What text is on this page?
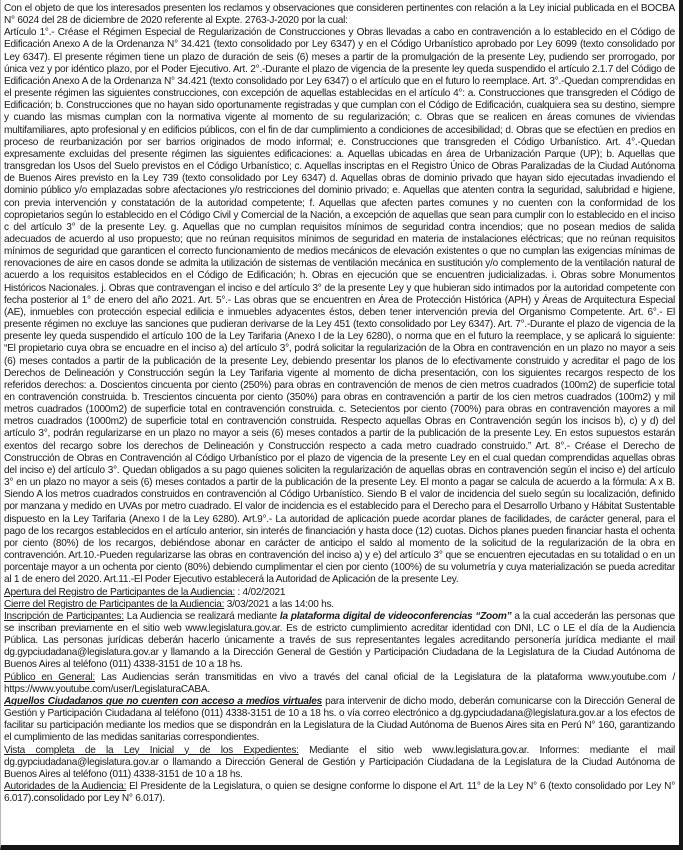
Con el objeto de que los interesados presenten los reclamos y observaciones que consideren pertinentes con relación a la Ley inicial publicada en el BOCBA N° 6024 del 28 de diciembre de 2020 referente al Expte. 2763-J-2020 por la cual:

Artículo 1°.- Créase el Régimen Especial de Regularización de Construcciones y Obras llevadas a cabo en contravención a lo establecido en el Código de Edificación Anexo A de la Ordenanza N° 34.421 (texto consolidado por Ley 6347) y en el Código Urbanístico aprobado por Ley 6099 (texto consolidado por Ley 6347). El presente régimen tiene un plazo de duración de seis (6) meses a partir de la promulgación de la presente Ley, pudiendo ser prorrogado, por única vez y por idéntico plazo, por el Poder Ejecutivo. Art. 2°.-Durante el plazo de vigencia de la presente ley queda suspendido el artículo 2.1.7 del Código de Edificación Anexo A de la Ordenanza N° 34.421 (texto consolidado por Ley 6347) o el artículo que en el futuro lo reemplace. Art. 3°.-Quedan comprendidas en el presente régimen las siguientes construcciones, con excepción de aquellas establecidas en el artículo 4°: a. Construcciones que transgreden el Código de Edificación; b. Construcciones que no hayan sido oportunamente registradas y que cumplan con el Código de Edificación, cualquiera sea su destino, siempre y cuando las mismas cumplan con la normativa vigente al momento de su regularización; c. Obras que se realicen en áreas comunes de viviendas multifamiliares, apto profesional y en edificios públicos, con el fin de dar cumplimiento a condiciones de accesibilidad; d. Obras que se efectúen en predios en proceso de reurbanización por ser barrios originados de modo informal; e. Construcciones que transgreden el Código Urbanístico. Art. 4°.-Quedan expresamente excluidas del presente régimen las siguientes edificaciones: a. Aquellas ubicadas en área de Urbanización Parque (UP); b. Aquellas que transgredan los Usos del Suelo previstos en el Código Urbanístico; c. Aquellas inscriptas en el Registro Único de Obras Paralizadas de la Ciudad Autónoma de Buenos Aires previsto en la Ley 739 (texto consolidado por Ley 6347) d. Aquellas obras de dominio privado que hayan sido ejecutadas invadiendo el dominio público y/o emplazadas sobre afectaciones y/o restricciones del dominio privado; e. Aquellas que atenten contra la seguridad, salubridad e higiene, con previa intervención y constatación de la autoridad competente; f. Aquellas que afecten partes comunes y no cuenten con la conformidad de los copropietarios según lo establecido en el Código Civil y Comercial de la Nación, a excepción de aquellas que sean para cumplir con lo establecido en el inciso c del artículo 3° de la presente Ley. g. Aquellas que no cumplan requisitos mínimos de seguridad contra incendios; que no posean medios de salida adecuados de acuerdo al uso propuesto; que no reúnan requisitos mínimos de seguridad en materia de instalaciones eléctricas; que no reúnan requisitos mínimos de seguridad que garanticen el correcto funcionamiento de medios mecánicos de elevación existentes o que no cumplan las exigencias mínimas de renovaciones de aire en casos donde se admita la utilización de sistemas de ventilación mecánica en sustitución y/o complemento de la ventilación natural de acuerdo a los requisitos establecidos en el Código de Edificación; h. Obras en ejecución que se encuentren judicializadas. i. Obras sobre Monumentos Históricos Nacionales. j. Obras que contravengan el inciso e del artículo 3° de la presente Ley y que hubieran sido intimados por la autoridad competente con fecha posterior al 1° de enero del año 2021. Art. 5°.- Las obras que se encuentren en Área de Protección Histórica (APH) y Áreas de Arquitectura Especial (AE), inmuebles con protección especial edilicia e inmuebles adyacentes éstos, deben tener intervención previa del Organismo Competente. Art. 6°.- El presente régimen no excluye las sanciones que pudieran derivarse de la Ley 451 (texto consolidado por Ley 6347). Art. 7°.-Durante el plazo de vigencia de la presente ley queda suspendido el artículo 100 de la Ley Tarifaria (Anexo I de la Ley 6280), o norma que en el futuro la reemplace, y se aplicará lo siguiente: “El propietario cuya obra se encuadre en el inciso a) del artículo 3°, podrá solicitar la regularización de la Obra en contravención en un plazo no mayor a seis (6) meses contados a partir de la publicación de la presente Ley, debiendo presentar los planos de lo efectivamente construido y acreditar el pago de los Derechos de Delineación y Construcción según la Ley Tarifaria vigente al momento de dicha presentación, con los siguientes recargos respecto de los referidos derechos: a. Doscientos cincuenta por ciento (250%) para obras en contravención de menos de cien metros cuadrados (100m2) de superficie total en contravención construida. b. Trescientos cincuenta por ciento (350%) para obras en contravención a partir de los cien metros cuadrados (100m2) y mil metros cuadrados (1000m2) de superficie total en contravención construida. c. Setecientos por ciento (700%) para obras en contravención mayores a mil metros cuadrados (1000m2) de superficie total en contravención construida. Respecto aquellas Obras en Contravención según los incisos b), c) y d) del artículo 3°, podrán regularizarse en un plazo no mayor a seis (6) meses contados a partir de la publicación de la presente Ley. En estos supuestos estarán exentos del recargo sobre los derechos de Delineación y Construcción respecto a cada metro cuadrado construido.” Art. 8°.- Créase el Derecho de Construcción de Obras en Contravención al Código Urbanístico por el plazo de vigencia de la presente Ley en el cual quedan comprendidas aquellas obras del inciso e) del artículo 3°. Quedan obligados a su pago quienes soliciten la regularización de aquellas obras en contravención según el inciso e) del artículo 3° en un plazo no mayor a seis (6) meses contados a partir de la publicación de la presente Ley. El monto a pagar se calcula de acuerdo a la fórmula: A x B. Siendo A los metros cuadrados construidos en contravención al Código Urbanístico. Siendo B el valor de incidencia del suelo según su localización, definido por manzana y medido en UVAs por metro cuadrado. El valor de incidencia es el establecido para el Derecho para el Desarrollo Urbano y Hábitat Sustentable dispuesto en la Ley Tarifaria (Anexo I de la Ley 6280). Art.9°.- La autoridad de aplicación puede acordar planes de facilidades, de carácter general, para el pago de los recargos establecidos en el artículo anterior, sin interés de financiación y hasta doce (12) cuotas. Dichos planes pueden financiar hasta el ochenta por ciento (80%) de los recargos, debiéndose abonar en carácter de anticipo el saldo al momento de la solicitud de la regularización de la obra en contravención. Art.10.-Pueden regularizarse las obras en contravención del inciso a) y e) del artículo 3° que se encuentren ejecutadas en su totalidad o en un porcentaje mayor a un ochenta por ciento (80%) debiendo cumplimentar el cien por ciento (100%) de su volumetría y cuya materialización se pueda acreditar al 1 de enero del 2020. Art.11.-El Poder Ejecutivo establecerá la Autoridad de Aplicación de la presente Ley.

Apertura del Registro de Participantes de la Audiencia: : 4/02/2021

Cierre del Registro de Participantes de la Audiencia: 3/03/2021 a las 14:00 hs.

Inscripción de Participantes: La Audiencia se realizará mediante la plataforma digital de videoconferencias “Zoom” a la cual accederán las personas que se inscriban previamente en el sitio web www.legislatura.gov.ar. Es de estricto cumplimiento acreditar identidad con DNI, LC o LE el día de la Audiencia Pública. Las personas jurídicas deberán hacerlo únicamente a través de sus representantes legales acreditando personería jurídica mediante el mail dg.gypciudadana@legislatura.gov.ar y llamando a la Dirección General de Gestión y Participación Ciudadana de la Legislatura de la Ciudad Autónoma de Buenos Aires al teléfono (011) 4338-3151 de 10 a 18 hs.

Público en General: Las Audiencias serán transmitidas en vivo a través del canal oficial de la Legislatura de la plataforma www.youtube.com / https://www.youtube.com/user/LegislaturaCABA.

Aquellos Ciudadanos que no cuenten con acceso a medios virtuales para intervenir de dicho modo, deberán comunicarse con la Dirección General de Gestión y Participación Ciudadana al teléfono (011) 4338-3151 de 10 a 18 hs. o vía correo electrónico a dg.gypciudadana@legislatura.gov.ar a los efectos de facilitar su participación mediante los medios que se dispondrán en la Legislatura de la Ciudad Autónoma de Buenos Aires sita en Perú N° 160, garantizando el cumplimiento de las medidas sanitarias correspondientes.

Vista completa de la Ley Inicial y de los Expedientes: Mediante el sitio web www.legislatura.gov.ar. Informes: mediante el mail dg.gypciudadana@legislatura.gov.ar o llamando a Dirección General de Gestión y Participación Ciudadana de la Legislatura de la Ciudad Autónoma de Buenos Aires al teléfono (011) 4338-3151 de 10 a 18 hs.

Autoridades de la Audiencia: El Presidente de la Legislatura, o quien se designe conforme lo dispone el Art. 11° de la Ley N° 6 (texto consolidado por Ley N° 6.017).consolidado por Ley N° 6.017).
